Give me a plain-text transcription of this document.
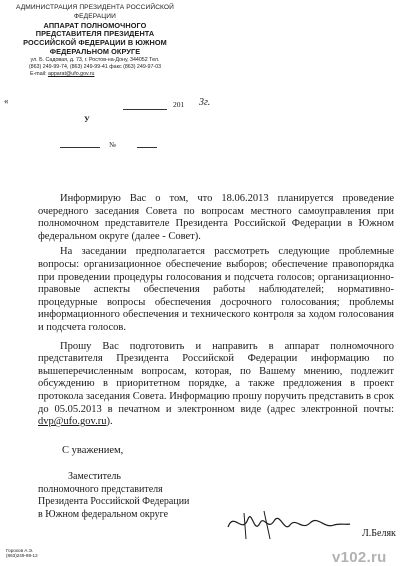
АДМИНИСТРАЦИЯ ПРЕЗИДЕНТА РОССИЙСКОЙ
ФЕДЕРАЦИИ
АППАРАТ ПОЛНОМОЧНОГО
ПРЕДСТАВИТЕЛЯ ПРЕЗИДЕНТА
РОССИЙСКОЙ ФЕДЕРАЦИИ В ЮЖНОМ
ФЕДЕРАЛЬНОМ ОКРУГЕ
ул. Б. Садовая, д. 73, г. Ростов-на-Дону, 344052 Тел.
(863) 249-99-74, (863) 249-99-41 факс (863) 249-97-03
E-mail: apparat@ufo.gov.ru
«	201 3г.
У
№

Информирую Вас о том, что 18.06.2013 планируется проведение очередного заседания Совета по вопросам местного самоуправления при полномочном представителе Президента Российской Федерации в Южном федеральном округе (далее - Совет).

На заседании предполагается рассмотреть следующие проблемные вопросы: организационное обеспечение выборов; обеспечение правопорядка при проведении процедуры голосования и подсчета голосов; организационно-правовые аспекты обеспечения работы наблюдателей; нормативно-процедурные вопросы обеспечения досрочного голосования; проблемы информационного обеспечения и технического контроля за ходом голосования и подсчета голосов.

Прошу Вас подготовить и направить в аппарат полномочного представителя Президента Российской Федерации информацию по вышеперечисленным вопросам, которая, по Вашему мнению, подлежит обсуждению в приоритетном порядке, а также предложения в проект протокола заседания Совета. Информацию прошу поручить представить в срок до 05.05.2013 в печатном и электронном виде (адрес электронной почты: dvp@ufo.gov.ru).

С уважением,
Заместитель
полномочного представителя
Президента Российской Федерации
в Южном федеральном округе
Л.Беляк
Горохов А.Э.
(863)249-98-12	v102.ru
